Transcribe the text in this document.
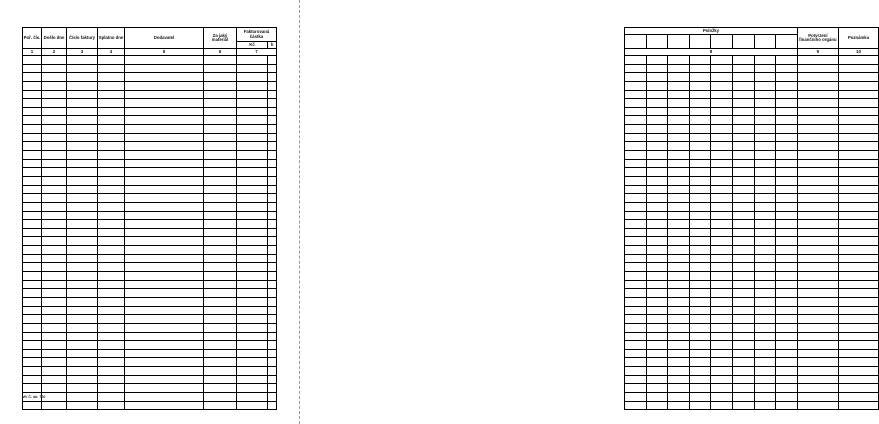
Poř. čís.	Došlo dne	Číslo faktury	Splatno dne	Dodavatel	Za jaký materiál	Fakturovaná částka	
						Kč	h
1	2	3	4	5	6	7	

MV Č. ob. 760
Položky								Potvrzení finančního orgánu	Poznámka

8								9	10
